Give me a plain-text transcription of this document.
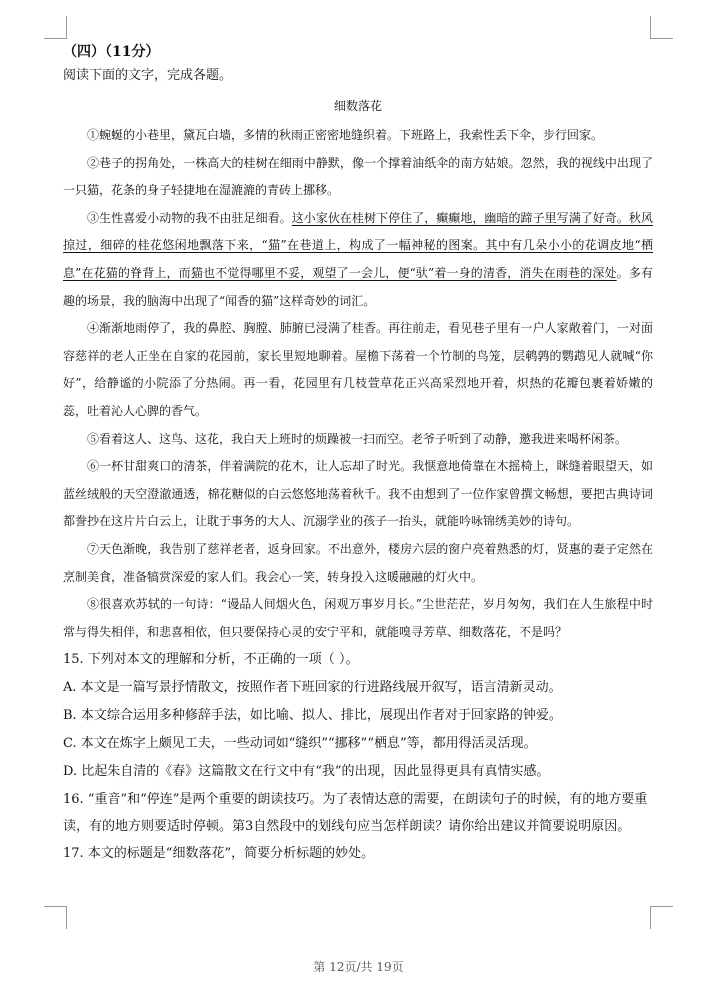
（四）（11分）

阅读下面的文字，完成各题。

细数落花

①蜿蜒的小巷里，黛瓦白墙，多情的秋雨正密密地缝织着。下班路上，我索性丢下伞，步行回家。

②巷子的拐角处，一株高大的桂树在细雨中静默，像一个撑着油纸伞的南方姑娘。忽然，我的视线中出现了一只猫，花条的身子轻捷地在湿漉漉的青砖上挪移。

③生性喜爱小动物的我不由驻足细看。这小家伙在桂树下停住了，癫癫地，幽暗的蹄子里写满了好奇。秋风掠过，细碎的桂花悠闲地飘落下来，“猫”在巷道上，构成了一幅神秘的图案。其中有几朵小小的花调皮地“栖息”在花猫的脊背上，而猫也不觉得哪里不妥，观望了一会儿，便“驮”着一身的清香，消失在雨巷的深处。多有趣的场景，我的脑海中出现了“闻香的猫”这样奇妙的词汇。

④渐渐地雨停了，我的鼻腔、胸膛、肺腑已浸满了桂香。再往前走，看见巷子里有一户人家敞着门，一对面容慈祥的老人正坐在自家的花园前，家长里短地聊着。屋檐下荡着一个竹制的鸟笼，层鹌鹑的鹦鹉见人就喊“你好”，给静谧的小院添了分热闹。再一看，花园里有几枝萱草花正兴高采烈地开着，炽热的花瓣包裹着娇嫩的蕊，吐着沁人心脾的香气。

⑤看着这人、这鸟、这花，我白天上班时的烦躁被一扫而空。老爷子听到了动静，邀我进来喝杯闲茶。

⑥一杯甘甜爽口的清茶，伴着满院的花木，让人忘却了时光。我惬意地倚靠在木摇椅上，眯缝着眼望天，如蓝丝绒般的天空澄澈通透，棉花糖似的白云悠悠地荡着秋千。我不由想到了一位作家曾撰文畅想，要把古典诗词都誊抄在这片片白云上，让耽于事务的大人、沉溺学业的孩子一抬头，就能吟咏锦绣美妙的诗句。

⑦天色渐晚，我告别了慈祥老者，返身回家。不出意外，楼房六层的窗户亮着熟悉的灯，贤惠的妻子定然在烹制美食，准备犒赏深爱的家人们。我会心一笑，转身投入这暖融融的灯火中。

⑧很喜欢苏轼的一句诗：“谩品人间烟火色，闲观万事岁月长。”尘世茫茫，岁月匆匆，我们在人生旅程中时常与得失相伴，和悲喜相依，但只要保持心灵的安宁平和，就能嗅寻芳草、细数落花，不是吗？

15. 下列对本文的理解和分析，不正确的一项（ ）。

A. 本文是一篇写景抒情散文，按照作者下班回家的行进路线展开叙写，语言清新灵动。

B. 本文综合运用多种修辞手法，如比喻、拟人、排比，展现出作者对于回家路的钟爱。

C. 本文在炼字上颇见工夫，一些动词如“缝织”“挪移”“栖息”等，都用得活灵活现。

D. 比起朱自清的《春》这篇散文在行文中有“我”的出现，因此显得更具有真情实感。

16. “重音”和“停连”是两个重要的朗读技巧。为了表情达意的需要，在朗读句子的时候，有的地方要重读，有的地方则要适时停顿。第3自然段中的划线句应当怎样朗读？请你给出建议并简要说明原因。

17. 本文的标题是“细数落花”，简要分析标题的妙处。

第 12页/共 19页
